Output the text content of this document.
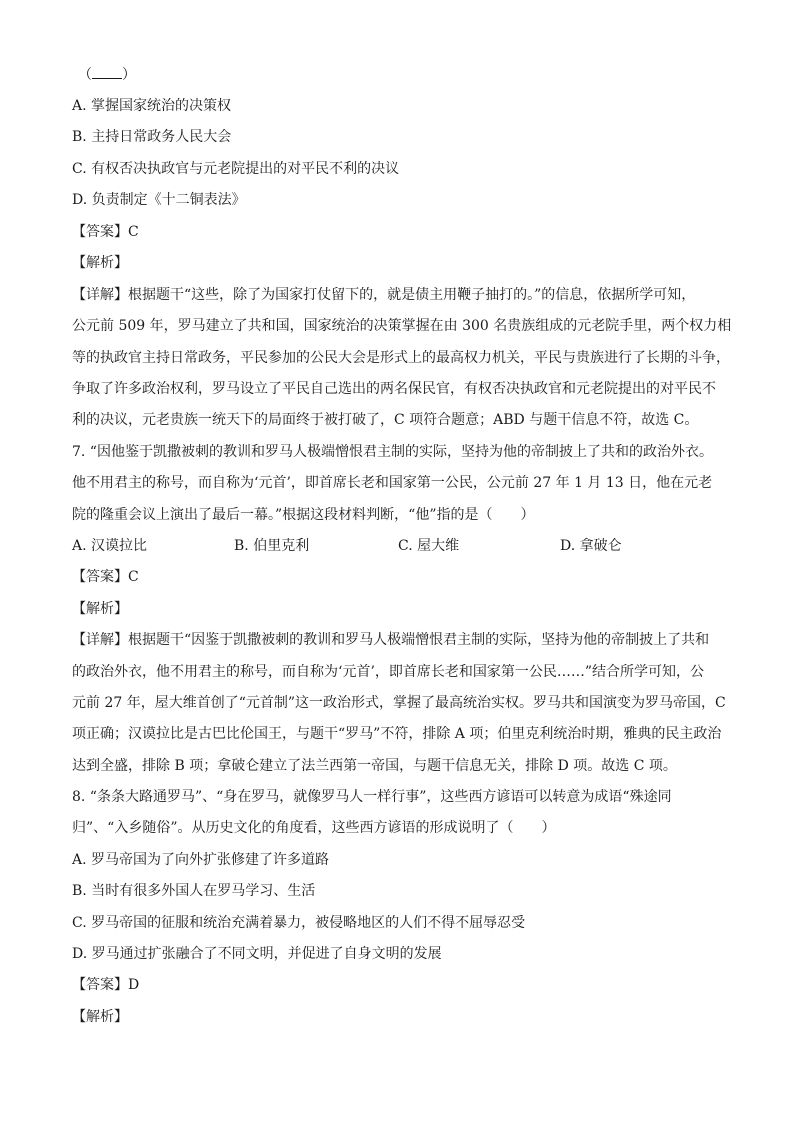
（ ）
A. 掌握国家统治的决策权
B. 主持日常政务人民大会
C. 有权否决执政官与元老院提出的对平民不利的决议
D. 负责制定《十二铜表法》
【答案】C
【解析】
【详解】根据题干“这些，除了为国家打仗留下的，就是债主用鞭子抽打的。”的信息，依据所学可知，
公元前 509 年，罗马建立了共和国，国家统治的决策掌握在由 300 名贵族组成的元老院手里，两个权力相
等的执政官主持日常政务，平民参加的公民大会是形式上的最高权力机关，平民与贵族进行了长期的斗争，
争取了许多政治权利，罗马设立了平民自己选出的两名保民官，有权否决执政官和元老院提出的对平民不
利的决议，元老贵族一统天下的局面终于被打破了，C 项符合题意；ABD 与题干信息不符，故选 C。
7. “因他鉴于凯撒被刺的教训和罗马人极端憎恨君主制的实际，坚持为他的帝制披上了共和的政治外衣。
他不用君主的称号，而自称为‘元首’，即首席长老和国家第一公民，公元前 27 年 1 月 13 日，他在元老
院的隆重会议上演出了最后一幕。”根据这段材料判断，“他”指的是（　　）
A. 汉谟拉比	B. 伯里克利	C. 屋大维	D. 拿破仑
【答案】C
【解析】
【详解】根据题干“因鉴于凯撒被刺的教训和罗马人极端憎恨君主制的实际，坚持为他的帝制披上了共和
的政治外衣，他不用君主的称号，而自称为‘元首’，即首席长老和国家第一公民……”结合所学可知，公
元前 27 年，屋大维首创了“元首制”这一政治形式，掌握了最高统治实权。罗马共和国演变为罗马帝国，C
项正确；汉谟拉比是古巴比伦国王，与题干“罗马”不符，排除 A 项；伯里克利统治时期，雅典的民主政治
达到全盛，排除 B 项；拿破仑建立了法兰西第一帝国，与题干信息无关，排除 D 项。故选 C 项。
8. “条条大路通罗马”、“身在罗马，就像罗马人一样行事”，这些西方谚语可以转意为成语“殊途同
归”、“入乡随俗”。从历史文化的角度看，这些西方谚语的形成说明了（　　）
A. 罗马帝国为了向外扩张修建了许多道路
B. 当时有很多外国人在罗马学习、生活
C. 罗马帝国的征服和统治充满着暴力，被侵略地区的人们不得不屈辱忍受
D. 罗马通过扩张融合了不同文明，并促进了自身文明的发展
【答案】D
【解析】
